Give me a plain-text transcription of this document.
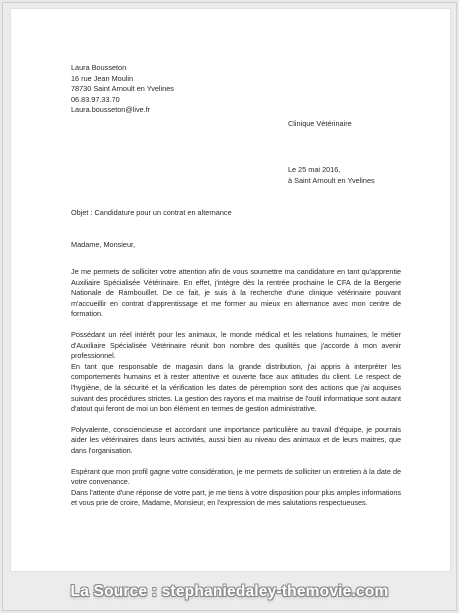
Laura Bousseton
16 rue Jean Moulin
78730 Saint Arnoult en Yvelines
06.83.97.33.70
Laura.bousseton@live.fr
Clinique Vétérinaire
Le 25 mai 2016,
à Saint Arnoult en Yvelines
Objet : Candidature pour un contrat en alternance
Madame, Monsieur,

Je me permets de solliciter votre attention afin de vous soumettre ma candidature en tant qu'apprentie Auxiliaire Spécialisée Vétérinaire. En effet, j'intègre dès la rentrée prochaine le CFA de la Bergerie Nationale de Rambouillet. De ce fait, je suis à la recherche d'une clinique vétérinaire pouvant m'accueillir en contrat d'apprentissage et me former au mieux en alternance avec mon centre de formation.

Possédant un réel intérêt pour les animaux, le monde médical et les relations humaines, le métier d'Auxiliaire Spécialisée Vétérinaire réunit bon nombre des qualités que j'accorde à mon avenir professionnel.

En tant que responsable de magasin dans la grande distribution, j'ai appris à interpréter les comportements humains et à rester attentive et ouverte face aux attitudes du client. Le respect de l'hygiène, de la sécurité et la vérification les dates de péremption sont des actions que j'ai acquises suivant des procédures strictes. La gestion des rayons et ma maitrise de l'outil informatique sont autant d'atout qui feront de moi un bon élément en termes de gestion administrative.

Polyvalente, consciencieuse et accordant une importance particulière au travail d'équipe, je pourrais aider les vétérinaires dans leurs activités, aussi bien au niveau des animaux et de leurs maitres, que dans l'organisation.

Espérant que mon profil gagne votre considération, je me permets de solliciter un entretien à la date de votre convenance.

Dans l'attente d'une réponse de votre part, je me tiens à votre disposition pour plus amples informations et vous prie de croire, Madame, Monsieur, en l'expression de mes salutations respectueuses.

La Source : stephaniedaley-themovie.com
